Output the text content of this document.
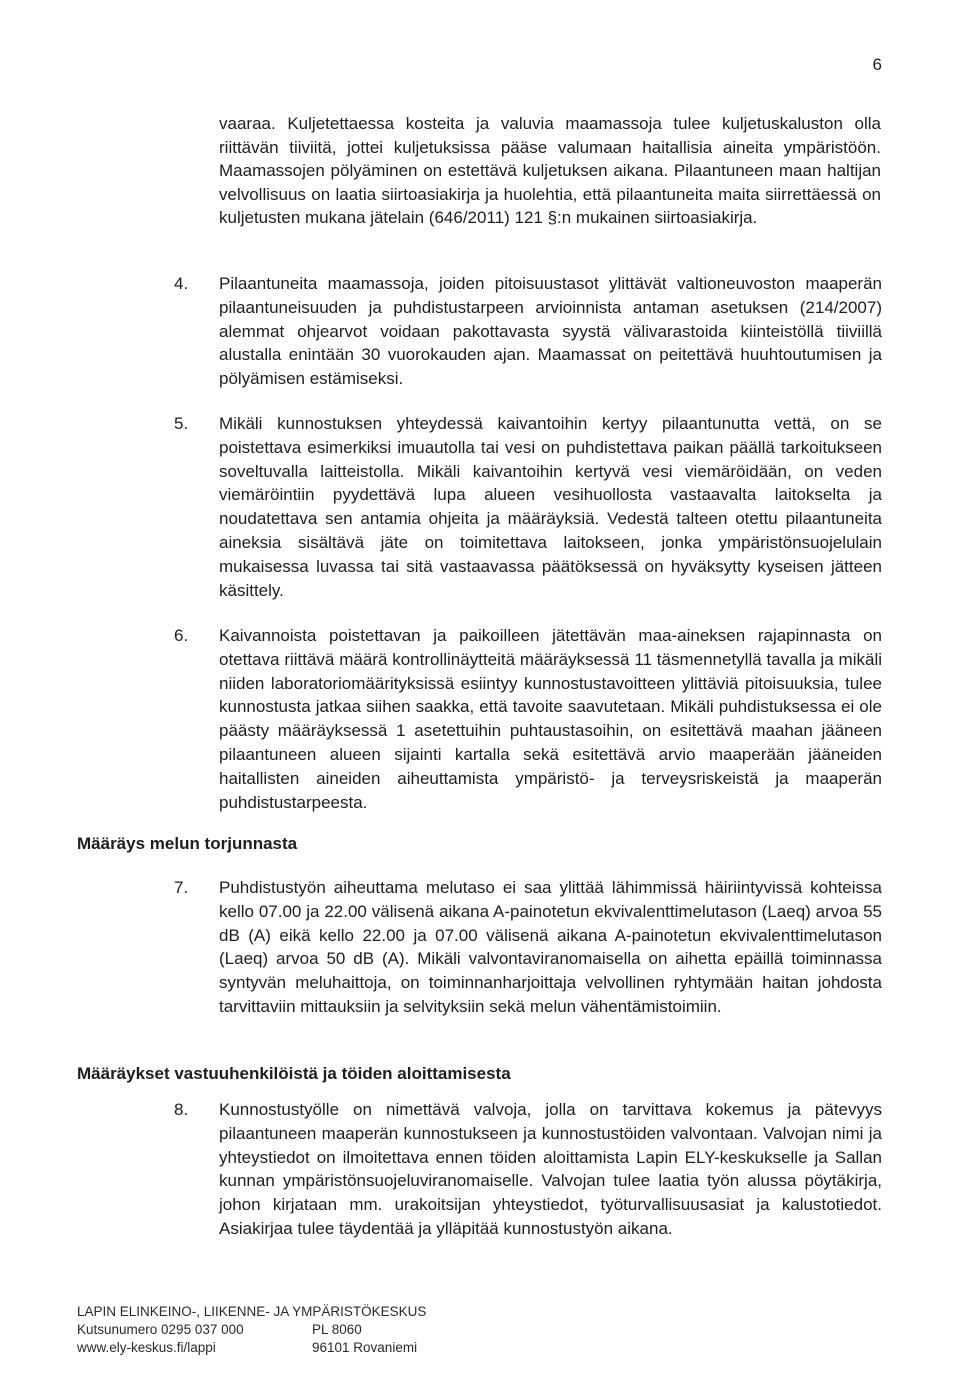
6
vaaraa. Kuljetettaessa kosteita ja valuvia maamassoja tulee kuljetuskaluston olla riittävän tiiviitä, jottei kuljetuksissa pääse valumaan haitallisia aineita ympäristöön. Maamassojen pölyäminen on estettävä kuljetuksen aikana. Pilaantuneen maan haltijan velvollisuus on laatia siirtoasiakirja ja huolehtia, että pilaantuneita maita siirrettäessä on kuljetusten mukana jätelain (646/2011) 121 §:n mukainen siirtoasiakirja.
4. Pilaantuneita maamassoja, joiden pitoisuustasot ylittävät valtioneuvoston maaperän pilaantuneisuuden ja puhdistustarpeen arvioinnista antaman asetuksen (214/2007) alemmat ohjearvot voidaan pakottavasta syystä välivarastoida kiinteistöllä tiiviillä alustalla enintään 30 vuorokauden ajan. Maamassat on peitettävä huuhtoutumisen ja pölyämisen estämiseksi.
5. Mikäli kunnostuksen yhteydessä kaivantoihin kertyy pilaantunutta vettä, on se poistettava esimerkiksi imuautolla tai vesi on puhdistettava paikan päällä tarkoitukseen soveltuvalla laitteistolla. Mikäli kaivantoihin kertyvä vesi viemäröidään, on veden viemäröintiin pyydettävä lupa alueen vesihuollosta vastaavalta laitokselta ja noudatettava sen antamia ohjeita ja määräyksiä. Vedestä talteen otettu pilaantuneita aineksia sisältävä jäte on toimitettava laitokseen, jonka ympäristönsuojelulain mukaisessa luvassa tai sitä vastaavassa päätöksessä on hyväksytty kyseisen jätteen käsittely.
6. Kaivannoista poistettavan ja paikoilleen jätettävän maa-aineksen rajapinnasta on otettava riittävä määrä kontrollinäytteitä määräyksessä 11 täsmennetyllä tavalla ja mikäli niiden laboratoriomäärityksissä esiintyy kunnostustavoitteen ylittäviä pitoisuuksia, tulee kunnostusta jatkaa siihen saakka, että tavoite saavutetaan. Mikäli puhdistuksessa ei ole päästy määräyksessä 1 asetettuihin puhtaustasoihin, on esitettävä maahan jääneen pilaantuneen alueen sijainti kartalla sekä esitettävä arvio maaperään jääneiden haitallisten aineiden aiheuttamista ympäristö- ja terveysriskeistä ja maaperän puhdistustarpeesta.
Määräys melun torjunnasta
7. Puhdistustyön aiheuttama melutaso ei saa ylittää lähimmissä häiriintyvissä kohteissa kello 07.00 ja 22.00 välisenä aikana A-painotetun ekvivalenttimelutason (Laeq) arvoa 55 dB (A) eikä kello 22.00 ja 07.00 välisenä aikana A-painotetun ekvivalenttimelutason (Laeq) arvoa 50 dB (A). Mikäli valvontaviranomaisella on aihetta epäillä toiminnassa syntyvän meluhaittoja, on toiminnanharjoittaja velvollinen ryhtymään haitan johdosta tarvittaviin mittauksiin ja selvityksiin sekä melun vähentämistoimiin.
Määräykset vastuuhenkilöistä ja töiden aloittamisesta
8. Kunnostustyölle on nimettävä valvoja, jolla on tarvittava kokemus ja pätevyys pilaantuneen maaperän kunnostukseen ja kunnostustöiden valvontaan. Valvojan nimi ja yhteystiedot on ilmoitettava ennen töiden aloittamista Lapin ELY-keskukselle ja Sallan kunnan ympäristönsuojeluviranomaiselle. Valvojan tulee laatia työn alussa pöytäkirja, johon kirjataan mm. urakoitsijan yhteystiedot, työturvallisuusasiat ja kalustotiedot. Asiakirjaa tulee täydentää ja ylläpitää kunnostustyön aikana.
LAPIN ELINKEINO-, LIIKENNE- JA YMPÄRISTÖKESKUS
Kutsunumero 0295 037 000	PL 8060
www.ely-keskus.fi/lappi	96101 Rovaniemi
